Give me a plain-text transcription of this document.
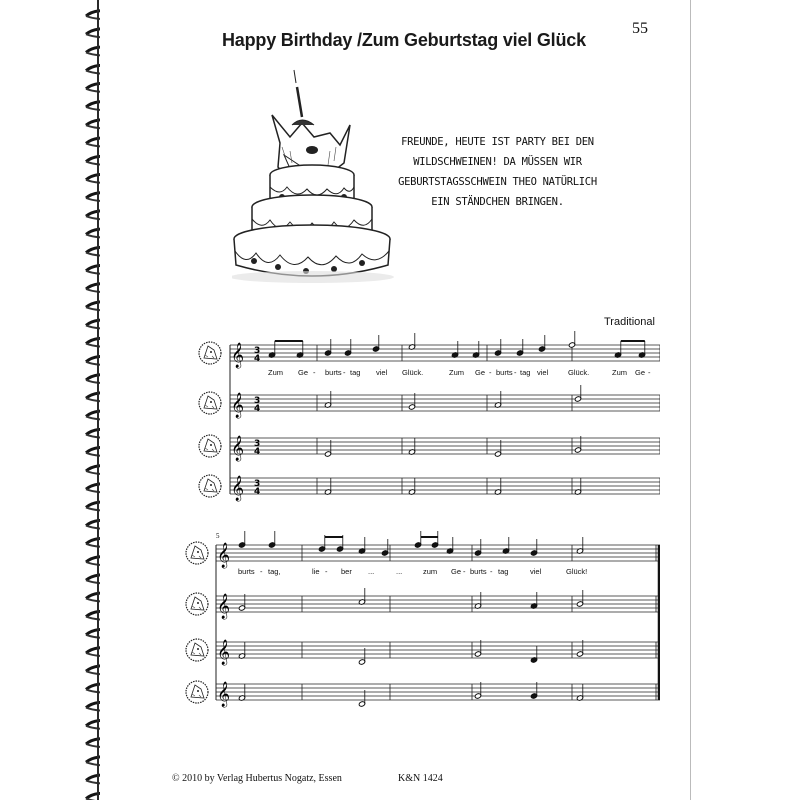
Happy Birthday /Zum Geburtstag viel Glück
55
FREUNDE, HEUTE IST PARTY BEI DEN
WILDSCHWEINEN! DA MÜSSEN WIR
GEBURTSTAGSSCHWEIN THEO NATÜRLICH
EIN STÄNDCHEN BRINGEN.
Traditional
𝄞 3
4
𝄞 3
4
𝄞 3
4
𝄞 3
4
Zum Ge - burts - tag viel Glück.	Zum Ge - burts - tag viel	Glück.	Zum Ge -
5
𝄞
𝄞
𝄞
𝄞
burts - tag,	lie - ber ...	...	zum Ge - burts - tag	viel	Glück!
© 2010 by Verlag Hubertus Nogatz, Essen	K&N 1424
